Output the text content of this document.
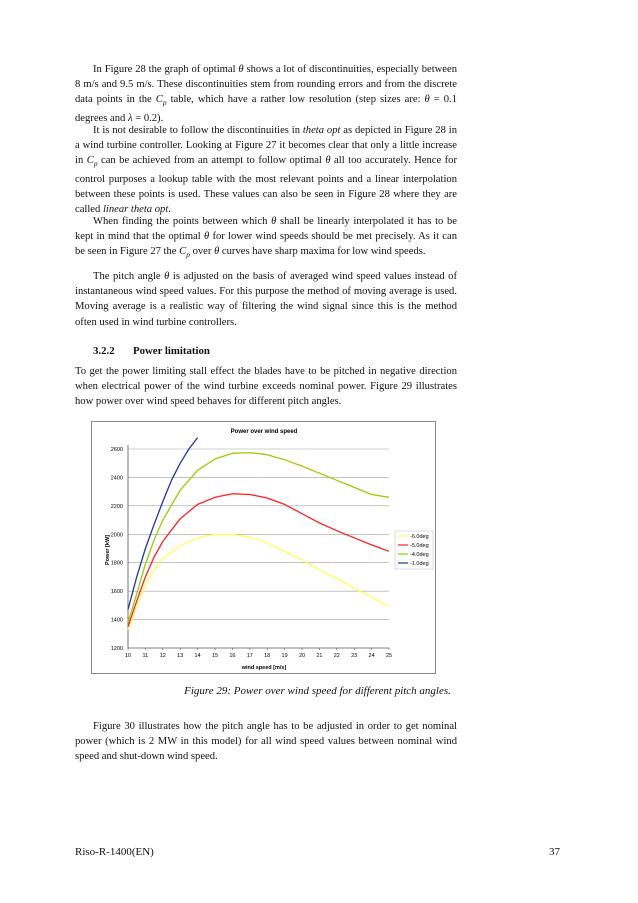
In Figure 28 the graph of optimal θ shows a lot of discontinuities, especially between 8 m/s and 9.5 m/s. These discontinuities stem from rounding errors and from the discrete data points in the $C_p$ table, which have a rather low resolution (step sizes are: θ = 0.1 degrees and λ = 0.2).

It is not desirable to follow the discontinuities in theta opt as depicted in Figure 28 in a wind turbine controller. Looking at Figure 27 it becomes clear that only a little increase in $C_p$ can be achieved from an attempt to follow optimal θ all too accurately. Hence for control purposes a lookup table with the most relevant points and a linear interpolation between these points is used. These values can also be seen in Figure 28 where they are called linear theta opt.

When finding the points between which θ shall be linearly interpolated it has to be kept in mind that the optimal θ for lower wind speeds should be met precisely. As it can be seen in Figure 27 the $C_p$ over θ curves have sharp maxima for low wind speeds.

The pitch angle θ is adjusted on the basis of averaged wind speed values instead of instantaneous wind speed values. For this purpose the method of moving average is used. Moving average is a realistic way of filtering the wind signal since this is the method often used in wind turbine controllers.

3.2.2 Power limitation

To get the power limiting stall effect the blades have to be pitched in negative direction when electrical power of the wind turbine exceeds nominal power. Figure 29 illustrates how power over wind speed behaves for different pitch angles.

Power over wind speed
1200
1400
1600
1800
2000
2200
2400
2600
10 11 12 13 14 15 16 17 18 19 20 21 22 23 24 25
-6.0deg
-5.0deg
-4.0deg
-1.0deg
wind speed [m/s]
Power [kW]

Figure 29: Power over wind speed for different pitch angles.

Figure 30 illustrates how the pitch angle has to be adjusted in order to get nominal power (which is 2 MW in this model) for all wind speed values between nominal wind speed and shut-down wind speed.

Riso-R-1400(EN)	37
